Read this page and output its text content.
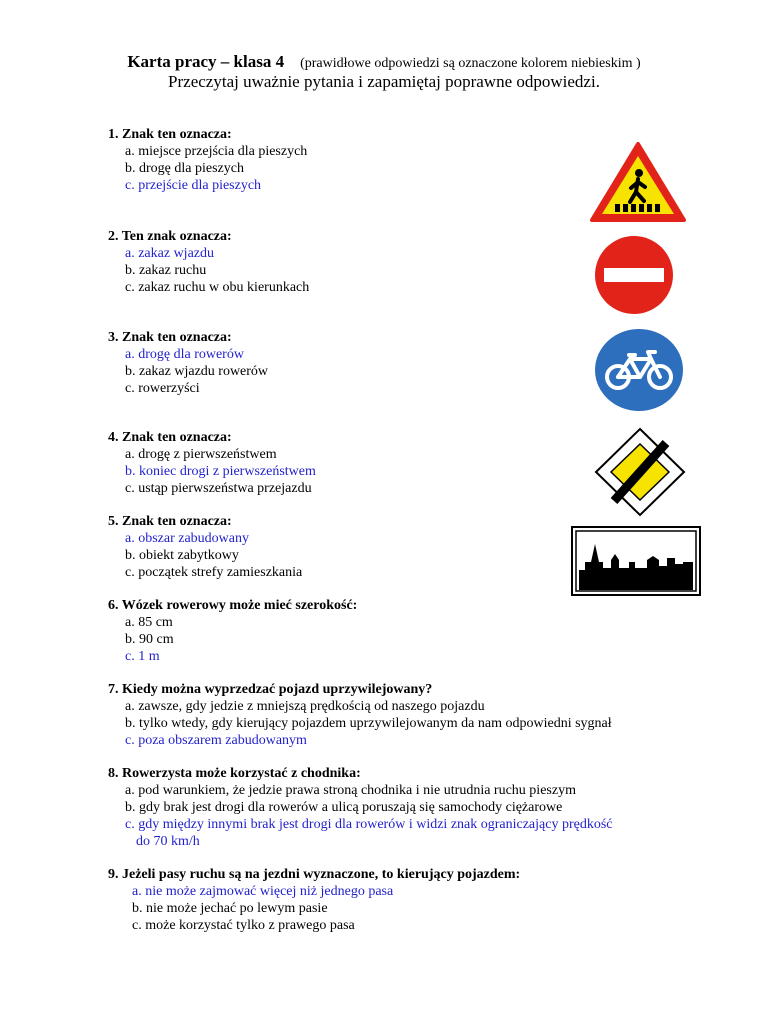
Karta pracy – klasa 4 (prawidłowe odpowiedzi są oznaczone kolorem niebieskim )
Przeczytaj uważnie pytania i zapamiętaj poprawne odpowiedzi.
1. Znak ten oznacza:
a. miejsce przejścia dla pieszych
b. drogę dla pieszych
c. przejście dla pieszych
2. Ten znak oznacza:
a. zakaz wjazdu
b. zakaz ruchu
c. zakaz ruchu w obu kierunkach
3. Znak ten oznacza:
a. drogę dla rowerów
b. zakaz wjazdu rowerów
c. rowerzyści
4. Znak ten oznacza:
a. drogę z pierwszeństwem
b. koniec drogi z pierwszeństwem
c. ustąp pierwszeństwa przejazdu
5. Znak ten oznacza:
a. obszar zabudowany
b. obiekt zabytkowy
c. początek strefy zamieszkania
6. Wózek rowerowy może mieć szerokość:
a. 85 cm
b. 90 cm
c. 1 m
7. Kiedy można wyprzedzać pojazd uprzywilejowany?
a. zawsze, gdy jedzie z mniejszą prędkością od naszego pojazdu
b. tylko wtedy, gdy kierujący pojazdem uprzywilejowanym da nam odpowiedni sygnał
c. poza obszarem zabudowanym
8. Rowerzysta może korzystać z chodnika:
a. pod warunkiem, że jedzie prawa stroną chodnika i nie utrudnia ruchu pieszym
b. gdy brak jest drogi dla rowerów a ulicą poruszają się samochody ciężarowe
c. gdy między innymi brak jest drogi dla rowerów i widzi znak ograniczający prędkość
do 70 km/h
9. Jeżeli pasy ruchu są na jezdni wyznaczone, to kierujący pojazdem:
a. nie może zajmować więcej niż jednego pasa
b. nie może jechać po lewym pasie
c. może korzystać tylko z prawego pasa
